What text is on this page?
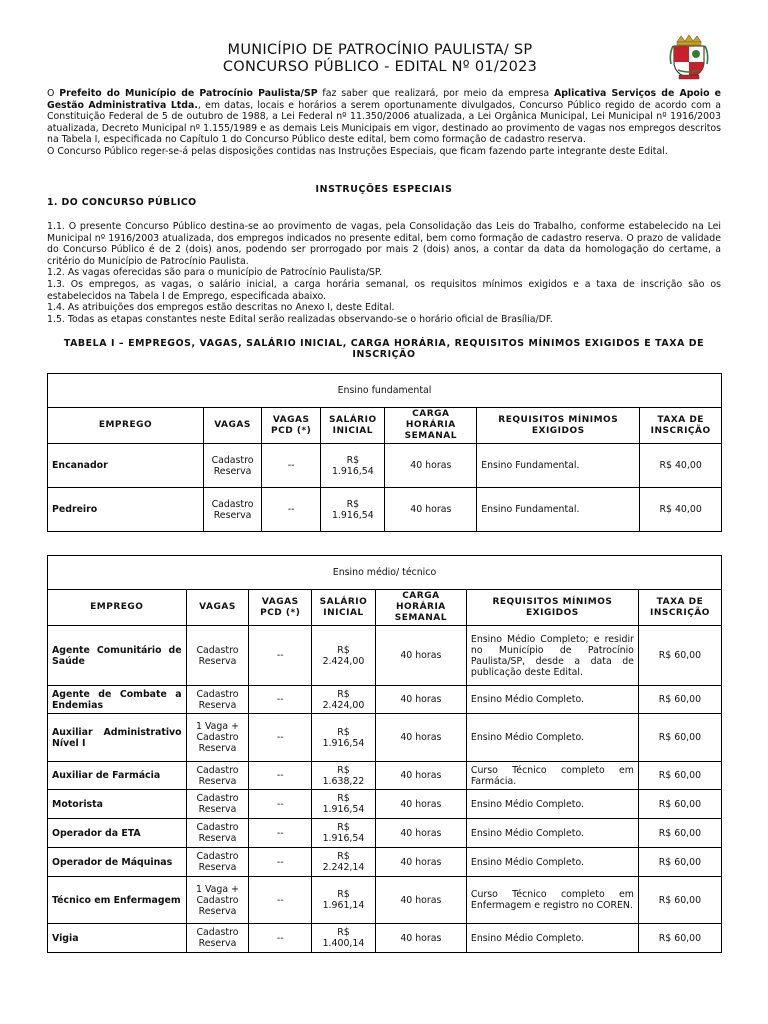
MUNICÍPIO DE PATROCÍNIO PAULISTA/ SP
CONCURSO PÚBLICO - EDITAL Nº 01/2023

O Prefeito do Município de Patrocínio Paulista/SP faz saber que realizará, por meio da empresa Aplicativa Serviços de Apoio e Gestão Administrativa Ltda., em datas, locais e horários a serem oportunamente divulgados, Concurso Público regido de acordo com a Constituição Federal de 5 de outubro de 1988, a Lei Federal nº 11.350/2006 atualizada, a Lei Orgânica Municipal, Lei Municipal nº 1916/2003 atualizada, Decreto Municipal nº 1.155/1989 e as demais Leis Municipais em vigor, destinado ao provimento de vagas nos empregos descritos na Tabela I, especificada no Capítulo 1 do Concurso Público deste edital, bem como formação de cadastro reserva.

O Concurso Público reger-se-á pelas disposições contidas nas Instruções Especiais, que ficam fazendo parte integrante deste Edital.

INSTRUÇÕES ESPECIAIS
1. DO CONCURSO PÚBLICO

1.1. O presente Concurso Público destina-se ao provimento de vagas, pela Consolidação das Leis do Trabalho, conforme estabelecido na Lei Municipal nº 1916/2003 atualizada, dos empregos indicados no presente edital, bem como formação de cadastro reserva. O prazo de validade do Concurso Público é de 2 (dois) anos, podendo ser prorrogado por mais 2 (dois) anos, a contar da data da homologação do certame, a critério do Município de Patrocínio Paulista.

1.2. As vagas oferecidas são para o município de Patrocínio Paulista/SP.

1.3. Os empregos, as vagas, o salário inicial, a carga horária semanal, os requisitos mínimos exigidos e a taxa de inscrição são os estabelecidos na Tabela I de Emprego, especificada abaixo.

1.4. As atribuições dos empregos estão descritas no Anexo I, deste Edital.

1.5. Todas as etapas constantes neste Edital serão realizadas observando-se o horário oficial de Brasília/DF.

TABELA I – EMPREGOS, VAGAS, SALÁRIO INICIAL, CARGA HORÁRIA, REQUISITOS MÍNIMOS EXIGIDOS E TAXA DE INSCRIÇÃO
Ensino fundamental						
EMPREGO	VAGAS	VAGAS PCD (*)	SALÁRIO INICIAL	CARGA HORÁRIA SEMANAL	REQUISITOS MÍNIMOS EXIGIDOS	TAXA DE INSCRIÇÃO
Encanador	Cadastro Reserva	--	R$ 1.916,54	40 horas	Ensino Fundamental.	R$ 40,00
Pedreiro	Cadastro Reserva	--	R$ 1.916,54	40 horas	Ensino Fundamental.	R$ 40,00
Ensino médio/ técnico						
EMPREGO	VAGAS	VAGAS PCD (*)	SALÁRIO INICIAL	CARGA HORÁRIA SEMANAL	REQUISITOS MÍNIMOS EXIGIDOS	TAXA DE INSCRIÇÃO
Agente Comunitário de Saúde	Cadastro Reserva	--	R$ 2.424,00	40 horas	Ensino Médio Completo; e residir no Município de Patrocínio Paulista/SP, desde a data de publicação deste Edital.	R$ 60,00
Agente de Combate a Endemias	Cadastro Reserva	--	R$ 2.424,00	40 horas	Ensino Médio Completo.	R$ 60,00
Auxiliar Administrativo Nível I	1 Vaga + Cadastro Reserva	--	R$ 1.916,54	40 horas	Ensino Médio Completo.	R$ 60,00
Auxiliar de Farmácia	Cadastro Reserva	--	R$ 1.638,22	40 horas	Curso Técnico completo em Farmácia.	R$ 60,00
Motorista	Cadastro Reserva	--	R$ 1.916,54	40 horas	Ensino Médio Completo.	R$ 60,00
Operador da ETA	Cadastro Reserva	--	R$ 1.916,54	40 horas	Ensino Médio Completo.	R$ 60,00
Operador de Máquinas	Cadastro Reserva	--	R$ 2.242,14	40 horas	Ensino Médio Completo.	R$ 60,00
Técnico em Enfermagem	1 Vaga + Cadastro Reserva	--	R$ 1.961,14	40 horas	Curso Técnico completo em Enfermagem e registro no COREN.	R$ 60,00
Vigia	Cadastro Reserva	--	R$ 1.400,14	40 horas	Ensino Médio Completo.	R$ 60,00
